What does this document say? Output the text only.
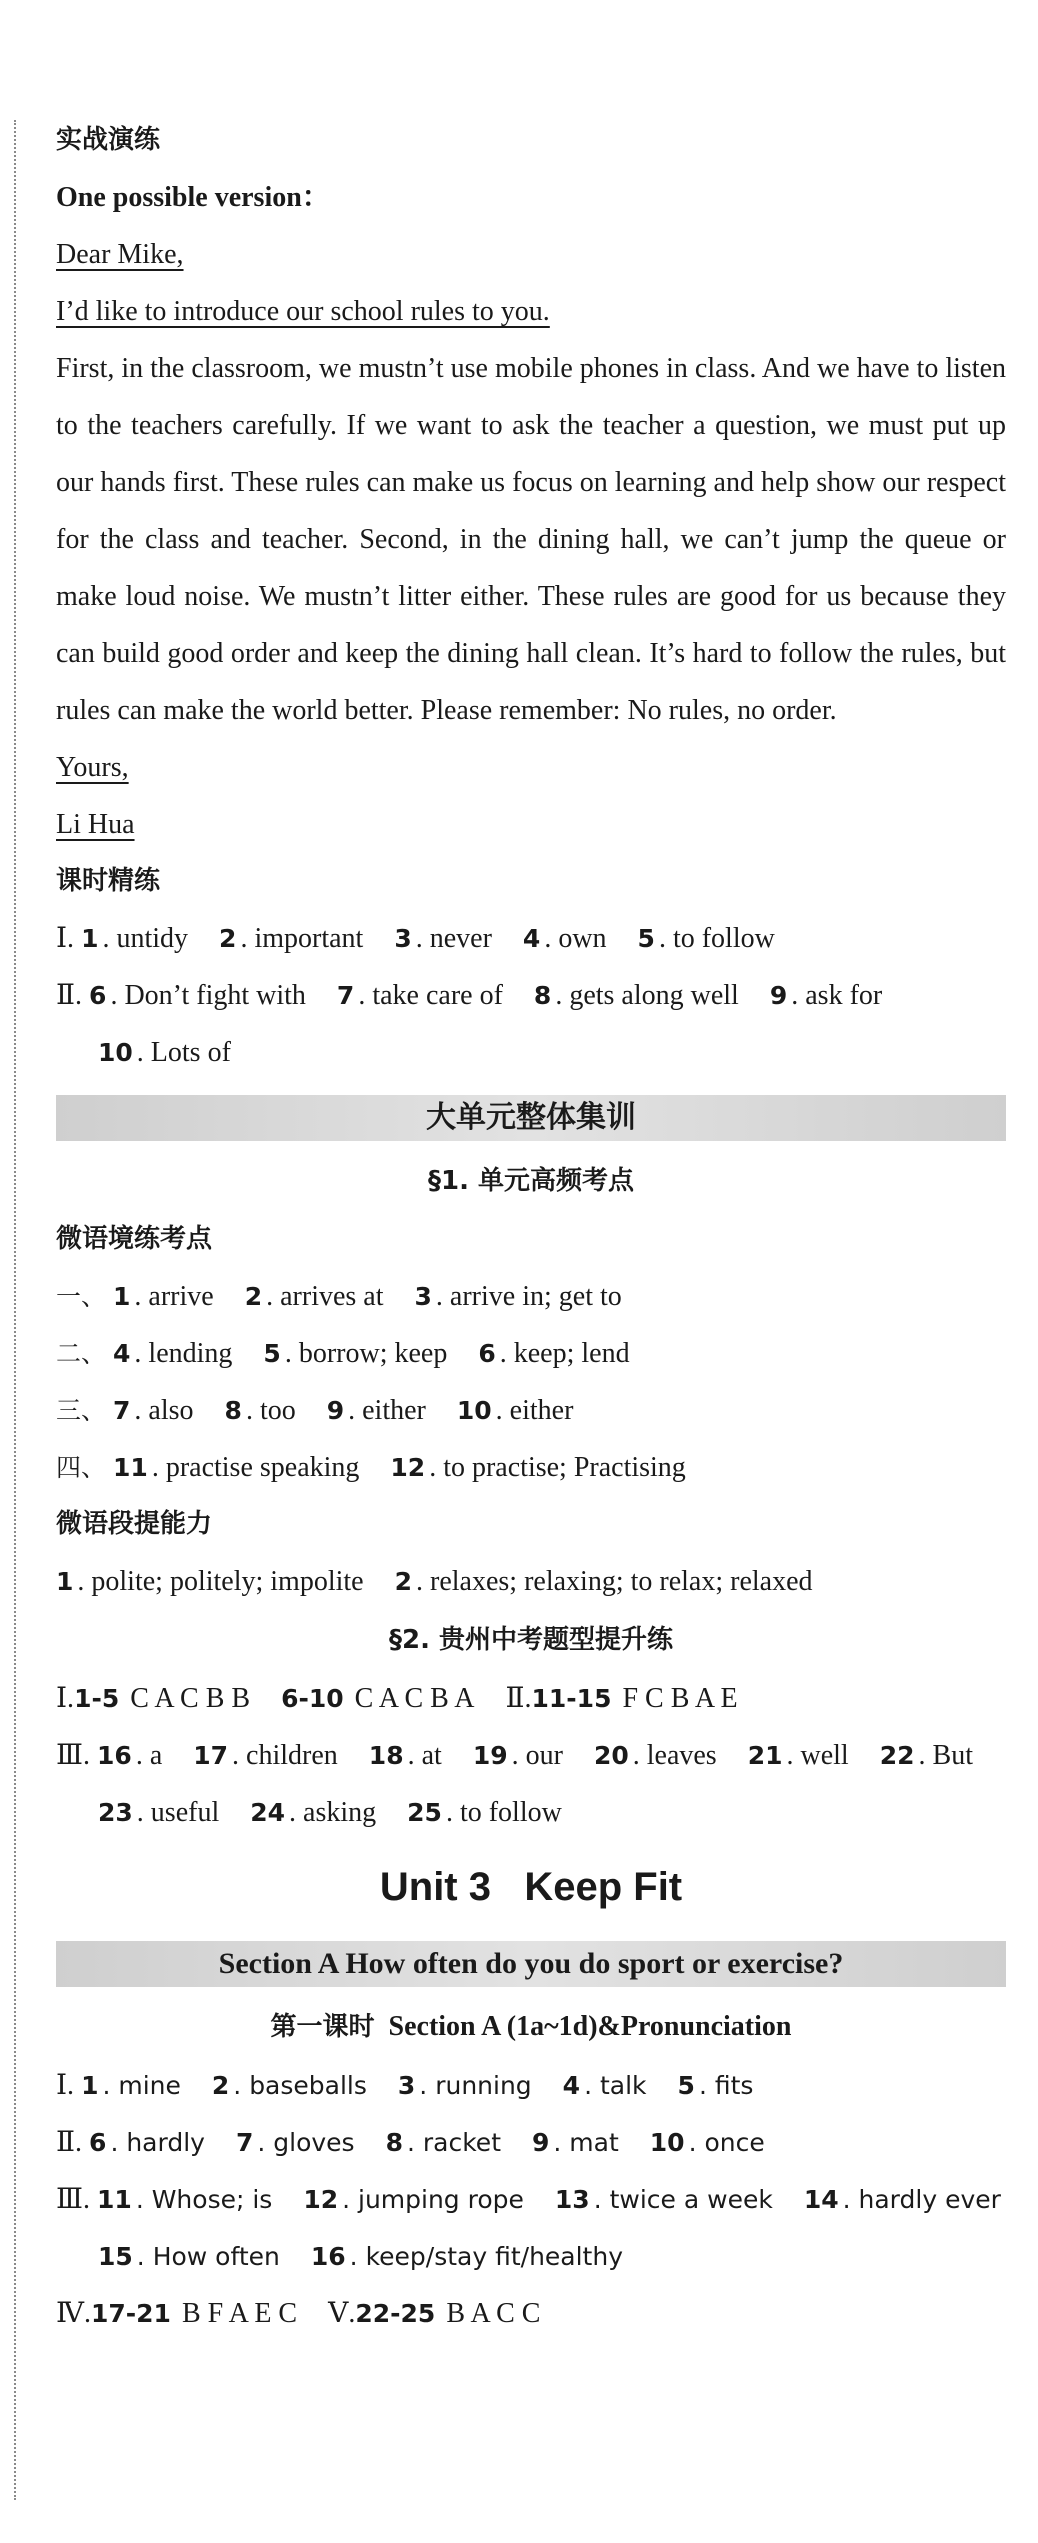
实战演练
One possible version：
Dear Mike,
I’d like to introduce our school rules to you.
First, in the classroom, we mustn’t use mobile phones in class. And we have to listen to the teachers carefully. If we want to ask the teacher a question, we must put up our hands first. These rules can make us focus on learning and help show our respect for the class and teacher. Second, in the dining hall, we can’t jump the queue or make loud noise. We mustn’t litter either. These rules are good for us because they can build good order and keep the dining hall clean. It’s hard to follow the rules, but rules can make the world better. Please remember: No rules, no order.
Yours,
Li Hua
课时精练
Ⅰ. 1 . untidy 2 . important 3 . never 4 . own 5 . to follow
Ⅱ. 6 . Don’t fight with 7 . take care of 8 . gets along well 9 . ask for
10 . Lots of
大单元整体集训
§1. 单元高频考点
微语境练考点
一、 1 . arrive 2 . arrives at 3 . arrive in; get to
二、 4 . lending 5 . borrow; keep 6 . keep; lend
三、 7 . also 8 . too 9 . either 10 . either
四、 11 . practise speaking 12 . to practise; Practising
微语段提能力
1 . polite; politely; impolite 2 . relaxes; relaxing; to relax; relaxed
§2. 贵州中考题型提升练
Ⅰ.1-5 C A C B B 6-10 C A C B A Ⅱ.11-15 F C B A E
Ⅲ. 16 . a 17 . children 18 . at 19 . our 20 . leaves 21 . well 22 . But
23 . useful 24 . asking 25 . to follow
Unit 3   Keep Fit
Section A How often do you do sport or exercise?
第一课时  Section A (1a~1d)&Pronunciation
Ⅰ. 1 . mine 2 . baseballs 3 . running 4 . talk 5 . fits
Ⅱ. 6 . hardly 7 . gloves 8 . racket 9 . mat 10 . once
Ⅲ. 11 . Whose; is 12 . jumping rope 13 . twice a week 14 . hardly ever
15 . How often 16 . keep/stay fit/healthy
Ⅳ.17-21 B F A E C Ⅴ.22-25 B A C C
